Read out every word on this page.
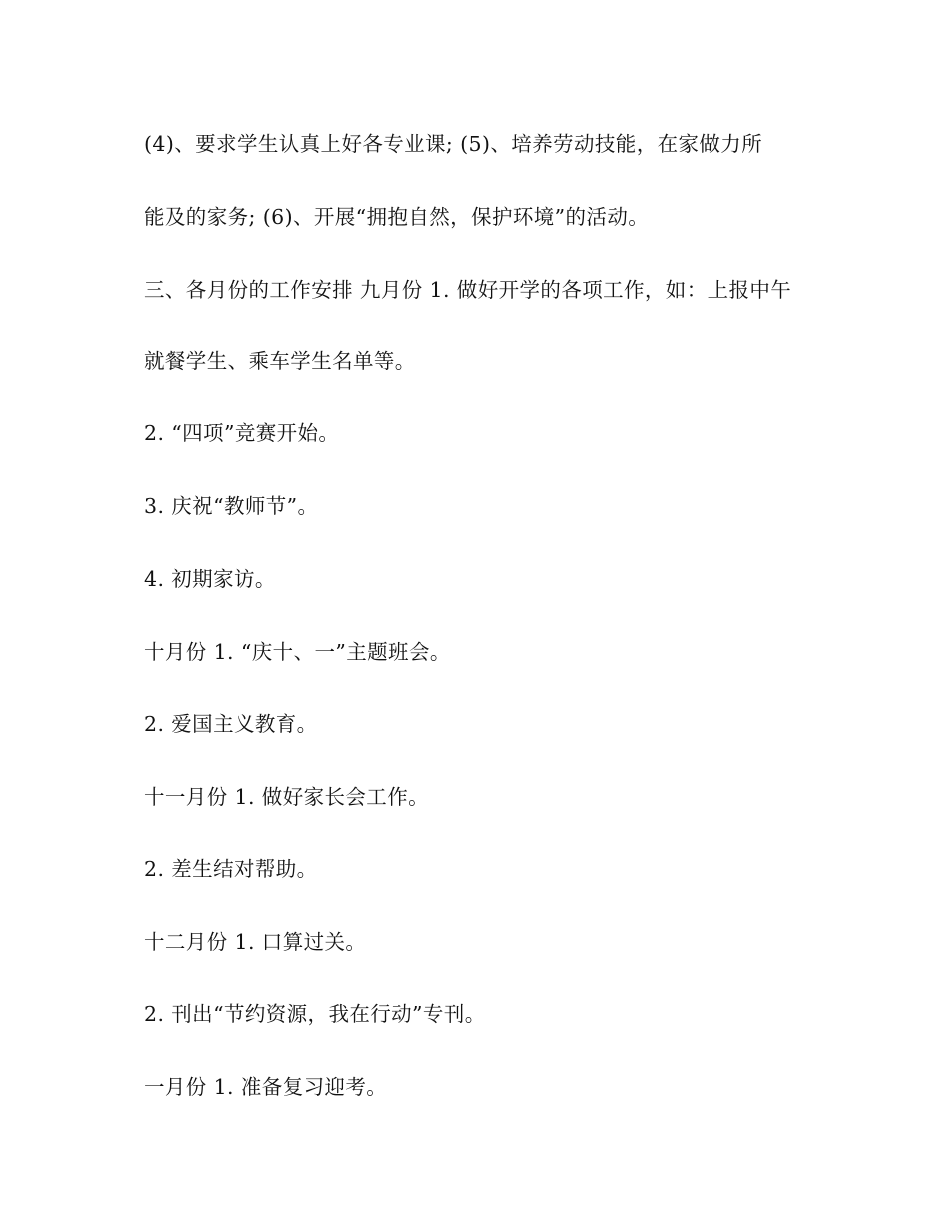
(4)、要求学生认真上好各专业课; (5)、培养劳动技能，在家做力所
能及的家务; (6)、开展“拥抱自然，保护环境”的活动。
三、各月份的工作安排 九月份 1. 做好开学的各项工作，如：上报中午
就餐学生、乘车学生名单等。
2. “四项”竞赛开始。
3. 庆祝“教师节”。
4. 初期家访。
十月份 1. “庆十、一”主题班会。
2. 爱国主义教育。
十一月份 1. 做好家长会工作。
2. 差生结对帮助。
十二月份 1. 口算过关。
2. 刊出“节约资源，我在行动”专刊。
一月份 1. 准备复习迎考。
